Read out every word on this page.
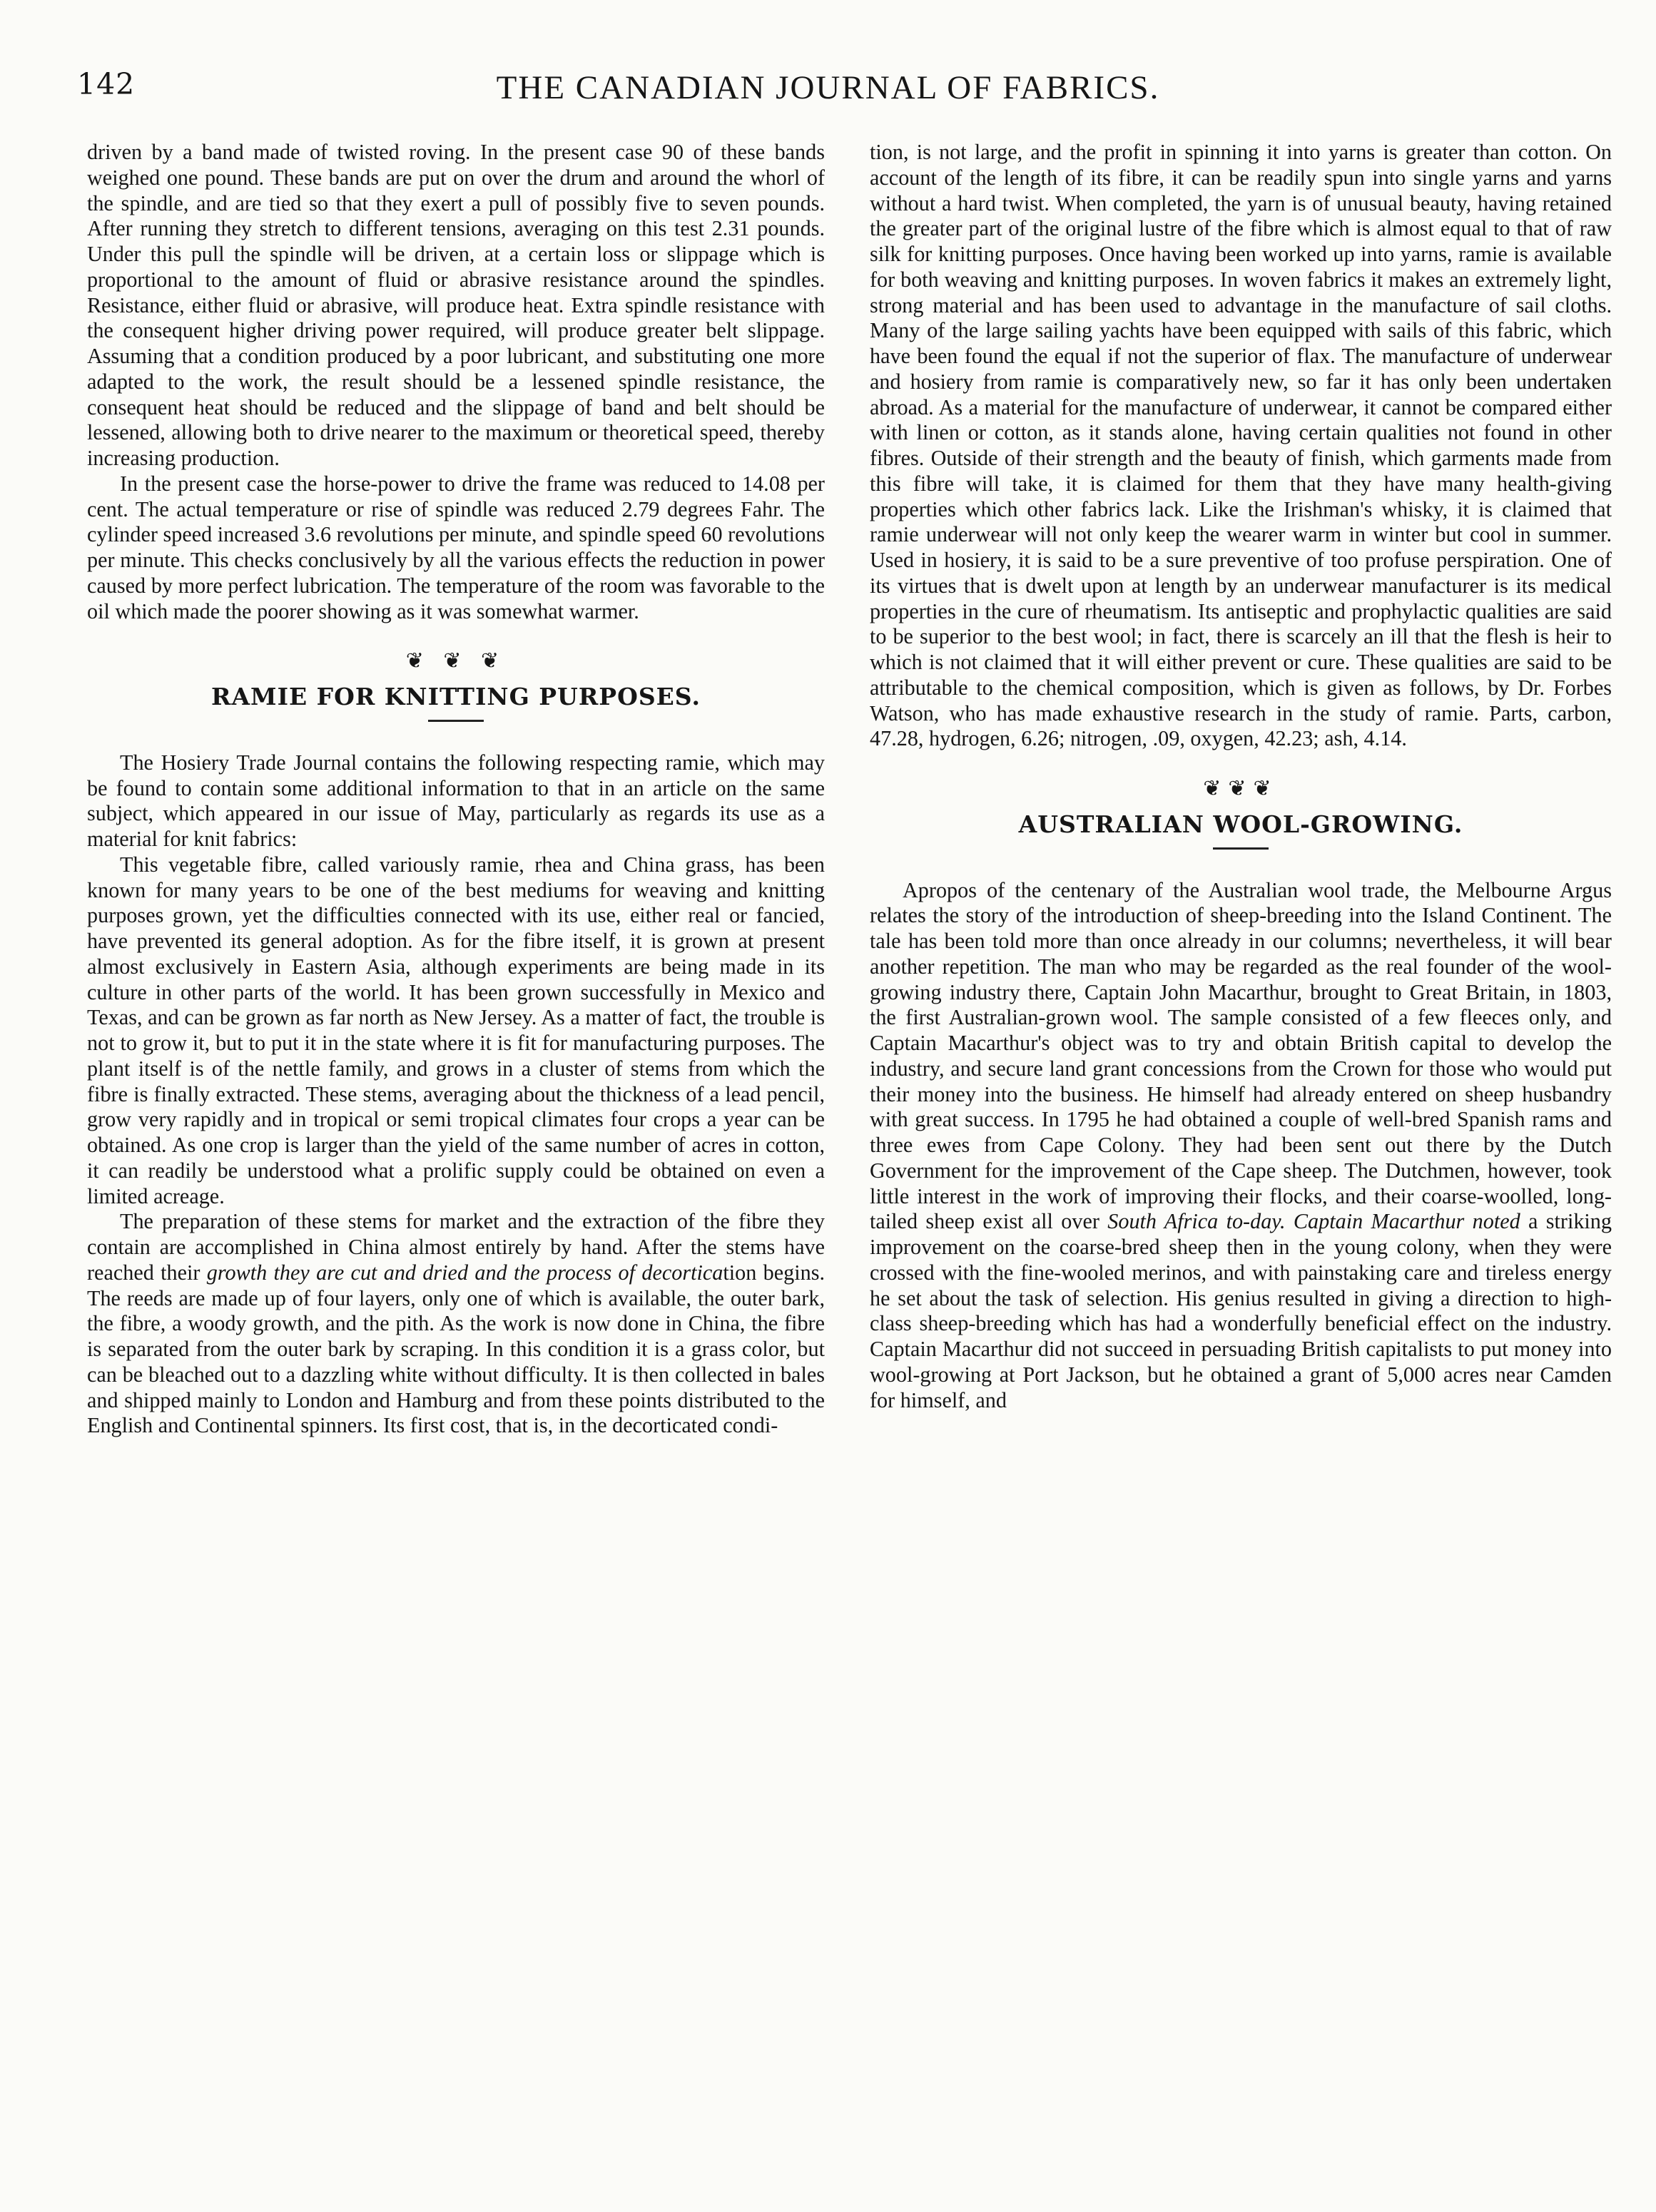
142	THE CANADIAN JOURNAL OF FABRICS.

driven by a band made of twisted roving. In the present case 90 of these bands weighed one pound. These bands are put on over the drum and around the whorl of the spindle, and are tied so that they exert a pull of possibly five to seven pounds. After running they stretch to different tensions, averaging on this test 2.31 pounds. Under this pull the spindle will be driven, at a certain loss or slippage which is proportional to the amount of fluid or abrasive resistance around the spindles. Resistance, either fluid or abrasive, will produce heat. Extra spindle resistance with the consequent higher driving power required, will produce greater belt slippage. Assuming that a condition produced by a poor lubricant, and substituting one more adapted to the work, the result should be a lessened spindle resistance, the consequent heat should be reduced and the slippage of band and belt should be lessened, allowing both to drive nearer to the maximum or theoretical speed, thereby increasing production.

In the present case the horse-power to drive the frame was reduced to 14.08 per cent. The actual temperature or rise of spindle was reduced 2.79 degrees Fahr. The cylinder speed increased 3.6 revolutions per minute, and spindle speed 60 revolutions per minute. This checks conclusively by all the various effects the reduction in power caused by more perfect lubrication. The temperature of the room was favorable to the oil which made the poorer showing as it was somewhat warmer.

❦ ❦ ❦
RAMIE FOR KNITTING PURPOSES.

The Hosiery Trade Journal contains the following respecting ramie, which may be found to contain some additional information to that in an article on the same subject, which appeared in our issue of May, particularly as regards its use as a material for knit fabrics:

This vegetable fibre, called variously ramie, rhea and China grass, has been known for many years to be one of the best mediums for weaving and knitting purposes grown, yet the difficulties connected with its use, either real or fancied, have prevented its general adoption. As for the fibre itself, it is grown at present almost exclusively in Eastern Asia, although experiments are being made in its culture in other parts of the world. It has been grown successfully in Mexico and Texas, and can be grown as far north as New Jersey. As a matter of fact, the trouble is not to grow it, but to put it in the state where it is fit for manufacturing purposes. The plant itself is of the nettle family, and grows in a cluster of stems from which the fibre is finally extracted. These stems, averaging about the thickness of a lead pencil, grow very rapidly and in tropical or semi tropical climates four crops a year can be obtained. As one crop is larger than the yield of the same number of acres in cotton, it can readily be understood what a prolific supply could be obtained on even a limited acreage.

The preparation of these stems for market and the extraction of the fibre they contain are accomplished in China almost entirely by hand. After the stems have reached their growth they are cut and dried and the process of decortication begins. The reeds are made up of four layers, only one of which is available, the outer bark, the fibre, a woody growth, and the pith. As the work is now done in China, the fibre is separated from the outer bark by scraping. In this condition it is a grass color, but can be bleached out to a dazzling white without difficulty. It is then collected in bales and shipped mainly to London and Hamburg and from these points distributed to the English and Continental spinners. Its first cost, that is, in the decorticated condi-

tion, is not large, and the profit in spinning it into yarns is greater than cotton. On account of the length of its fibre, it can be readily spun into single yarns and yarns without a hard twist. When completed, the yarn is of unusual beauty, having retained the greater part of the original lustre of the fibre which is almost equal to that of raw silk for knitting purposes. Once having been worked up into yarns, ramie is available for both weaving and knitting purposes. In woven fabrics it makes an extremely light, strong material and has been used to advantage in the manufacture of sail cloths. Many of the large sailing yachts have been equipped with sails of this fabric, which have been found the equal if not the superior of flax. The manufacture of underwear and hosiery from ramie is comparatively new, so far it has only been undertaken abroad. As a material for the manufacture of underwear, it cannot be compared either with linen or cotton, as it stands alone, having certain qualities not found in other fibres. Outside of their strength and the beauty of finish, which garments made from this fibre will take, it is claimed for them that they have many health-giving properties which other fabrics lack. Like the Irishman's whisky, it is claimed that ramie underwear will not only keep the wearer warm in winter but cool in summer. Used in hosiery, it is said to be a sure preventive of too profuse perspiration. One of its virtues that is dwelt upon at length by an underwear manufacturer is its medical properties in the cure of rheumatism. Its antiseptic and prophylactic qualities are said to be superior to the best wool; in fact, there is scarcely an ill that the flesh is heir to which is not claimed that it will either prevent or cure. These qualities are said to be attributable to the chemical composition, which is given as follows, by Dr. Forbes Watson, who has made exhaustive research in the study of ramie. Parts, carbon, 47.28, hydrogen, 6.26; nitrogen, .09, oxygen, 42.23; ash, 4.14.

❦❦❦
AUSTRALIAN WOOL-GROWING.

Apropos of the centenary of the Australian wool trade, the Melbourne Argus relates the story of the introduction of sheep-breeding into the Island Continent. The tale has been told more than once already in our columns; nevertheless, it will bear another repetition. The man who may be regarded as the real founder of the wool-growing industry there, Captain John Macarthur, brought to Great Britain, in 1803, the first Australian-grown wool. The sample consisted of a few fleeces only, and Captain Macarthur's object was to try and obtain British capital to develop the industry, and secure land grant concessions from the Crown for those who would put their money into the business. He himself had already entered on sheep husbandry with great success. In 1795 he had obtained a couple of well-bred Spanish rams and three ewes from Cape Colony. They had been sent out there by the Dutch Government for the improvement of the Cape sheep. The Dutchmen, however, took little interest in the work of improving their flocks, and their coarse-woolled, long-tailed sheep exist all over South Africa to-day. Captain Macarthur noted a striking improvement on the coarse-bred sheep then in the young colony, when they were crossed with the fine-wooled merinos, and with painstaking care and tireless energy he set about the task of selection. His genius resulted in giving a direction to high-class sheep-breeding which has had a wonderfully beneficial effect on the industry. Captain Macarthur did not succeed in persuading British capitalists to put money into wool-growing at Port Jackson, but he obtained a grant of 5,000 acres near Camden for himself, and
